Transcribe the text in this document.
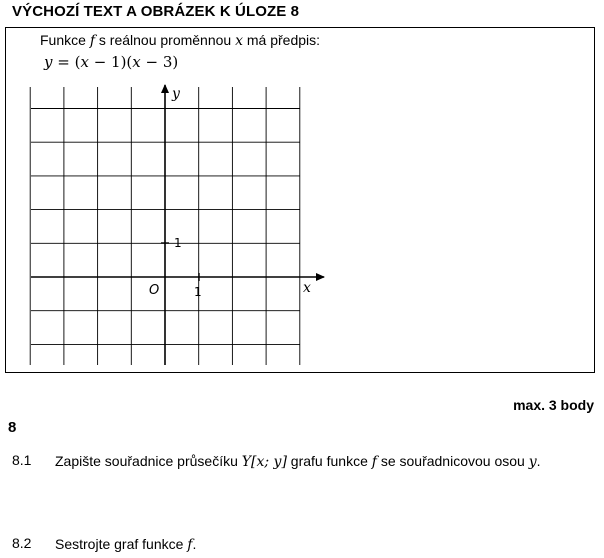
VÝCHOZÍ TEXT A OBRÁZEK K ÚLOZE 8
Funkce f s reálnou proměnnou x má předpis:
y = (x − 1)(x − 3)
y
x
O
1
1
max. 3 body
8
8.1 Zapište souřadnice průsečíku Y[x; y] grafu funkce f se souřadnicovou osou y.
8.2 Sestrojte graf funkce f.
